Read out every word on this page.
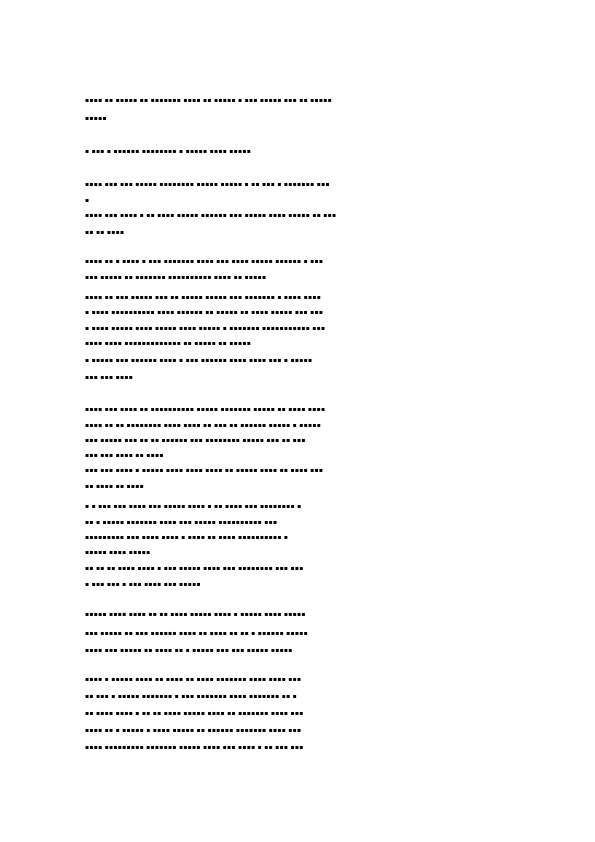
▪▪▪▪ ▪▪ ▪▪▪▪▪ ▪▪ ▪▪▪▪▪▪▪ ▪▪▪▪ ▪▪ ▪▪▪▪▪ ▪ ▪▪▪ ▪▪▪▪▪ ▪▪▪ ▪▪ ▪▪▪▪▪
▪▪▪▪▪
▪ ▪▪▪ ▪ ▪▪▪▪▪▪ ▪▪▪▪▪▪▪▪ ▪ ▪▪▪▪▪ ▪▪▪▪ ▪▪▪▪▪
▪▪▪▪ ▪▪▪ ▪▪▪ ▪▪▪▪▪ ▪▪▪▪▪▪▪▪ ▪▪▪▪▪ ▪▪▪▪▪ ▪ ▪▪ ▪▪▪ ▪ ▪▪▪▪▪▪▪ ▪▪▪
▪
▪▪▪▪ ▪▪▪ ▪▪▪▪ ▪ ▪▪ ▪▪▪▪ ▪▪▪▪▪ ▪▪▪▪▪▪ ▪▪▪ ▪▪▪▪▪ ▪▪▪▪ ▪▪▪▪▪ ▪▪ ▪▪▪
▪▪ ▪▪ ▪▪▪▪
▪▪▪▪ ▪▪ ▪ ▪▪▪▪ ▪ ▪▪▪ ▪▪▪▪▪▪▪ ▪▪▪▪ ▪▪▪ ▪▪▪▪ ▪▪▪▪▪ ▪▪▪▪▪▪ ▪ ▪▪▪
▪▪▪ ▪▪▪▪▪ ▪▪ ▪▪▪▪▪▪▪ ▪▪▪▪▪▪▪▪▪▪ ▪▪▪▪ ▪▪ ▪▪▪▪▪
▪▪▪▪ ▪▪ ▪▪▪ ▪▪▪▪▪ ▪▪▪ ▪▪ ▪▪▪▪▪ ▪▪▪▪▪ ▪▪▪ ▪▪▪▪▪▪▪ ▪ ▪▪▪▪ ▪▪▪▪
▪ ▪▪▪▪ ▪▪▪▪▪▪▪▪▪▪ ▪▪▪▪ ▪▪▪▪▪▪ ▪▪ ▪▪▪▪▪ ▪▪ ▪▪▪▪ ▪▪▪▪▪ ▪▪▪ ▪▪▪
▪ ▪▪▪▪ ▪▪▪▪▪ ▪▪▪▪ ▪▪▪▪▪ ▪▪▪▪ ▪▪▪▪▪ ▪ ▪▪▪▪▪▪▪ ▪▪▪▪▪▪▪▪▪▪▪ ▪▪▪
▪▪▪▪ ▪▪▪▪ ▪▪▪▪▪▪▪▪▪▪▪▪▪ ▪▪ ▪▪▪▪▪ ▪▪ ▪▪▪▪▪
▪ ▪▪▪▪▪ ▪▪▪ ▪▪▪▪▪▪ ▪▪▪▪ ▪ ▪▪▪ ▪▪▪▪▪▪ ▪▪▪▪ ▪▪▪▪ ▪▪▪ ▪ ▪▪▪▪▪
▪▪▪ ▪▪▪ ▪▪▪▪
▪▪▪▪ ▪▪▪ ▪▪▪▪ ▪▪ ▪▪▪▪▪▪▪▪▪▪ ▪▪▪▪▪ ▪▪▪▪▪▪▪ ▪▪▪▪▪ ▪▪ ▪▪▪▪ ▪▪▪▪
▪▪▪▪ ▪▪ ▪▪ ▪▪▪▪▪▪▪▪ ▪▪▪▪ ▪▪▪▪ ▪▪ ▪▪▪ ▪▪ ▪▪▪▪▪▪ ▪▪▪▪▪ ▪ ▪▪▪▪▪
▪▪▪ ▪▪▪▪▪ ▪▪▪ ▪▪ ▪▪ ▪▪▪▪▪▪ ▪▪▪ ▪▪▪▪▪▪▪▪ ▪▪▪▪▪ ▪▪▪ ▪▪ ▪▪▪
▪▪▪ ▪▪▪ ▪▪▪▪ ▪▪ ▪▪▪▪
▪▪▪ ▪▪▪ ▪▪▪▪ ▪ ▪▪▪▪▪ ▪▪▪▪ ▪▪▪▪ ▪▪▪▪ ▪▪ ▪▪▪▪▪ ▪▪▪▪ ▪▪ ▪▪▪▪ ▪▪▪
▪▪ ▪▪▪▪ ▪▪ ▪▪▪▪
▪ ▪ ▪▪▪ ▪▪▪ ▪▪▪▪ ▪▪▪ ▪▪▪▪▪ ▪▪▪▪ ▪ ▪▪ ▪▪▪▪ ▪▪▪ ▪▪▪▪▪▪▪▪ ▪
▪▪ ▪ ▪▪▪▪▪ ▪▪▪▪▪▪▪ ▪▪▪▪ ▪▪▪ ▪▪▪▪▪ ▪▪▪▪▪▪▪▪▪▪ ▪▪▪
▪▪▪▪▪▪▪▪▪ ▪▪▪ ▪▪▪▪ ▪▪▪▪ ▪ ▪▪▪▪ ▪▪ ▪▪▪▪ ▪▪▪▪▪▪▪▪▪▪ ▪
▪▪▪▪▪ ▪▪▪▪ ▪▪▪▪▪
▪▪ ▪▪ ▪▪ ▪▪▪▪ ▪▪▪▪ ▪ ▪▪▪ ▪▪▪▪▪ ▪▪▪▪ ▪▪▪ ▪▪▪▪▪▪▪▪ ▪▪▪ ▪▪▪
▪ ▪▪▪ ▪▪▪ ▪ ▪▪▪ ▪▪▪▪ ▪▪▪ ▪▪▪▪▪
▪▪▪▪▪ ▪▪▪▪ ▪▪▪▪ ▪▪ ▪▪ ▪▪▪▪ ▪▪▪▪▪ ▪▪▪▪ ▪ ▪▪▪▪▪ ▪▪▪▪ ▪▪▪▪▪
▪▪▪ ▪▪▪▪▪ ▪▪ ▪▪▪ ▪▪▪▪▪▪ ▪▪▪▪ ▪▪ ▪▪▪▪ ▪▪ ▪▪ ▪ ▪▪▪▪▪▪ ▪▪▪▪▪
▪▪▪▪ ▪▪▪ ▪▪▪▪▪ ▪▪ ▪▪▪▪ ▪▪ ▪ ▪▪▪▪▪ ▪▪▪ ▪▪▪ ▪▪▪▪▪ ▪▪▪▪▪
▪▪▪▪ ▪ ▪▪▪▪▪ ▪▪▪▪ ▪▪ ▪▪▪▪ ▪▪ ▪▪▪▪ ▪▪▪▪▪▪▪ ▪▪▪▪ ▪▪▪▪ ▪▪▪
▪▪ ▪▪▪ ▪ ▪▪▪▪▪ ▪▪▪▪▪▪▪ ▪ ▪▪▪ ▪▪▪▪▪▪▪ ▪▪▪▪ ▪▪▪▪▪▪▪ ▪▪ ▪
▪▪ ▪▪▪▪ ▪▪▪▪ ▪ ▪▪ ▪▪ ▪▪▪▪ ▪▪▪▪▪ ▪▪▪▪ ▪▪ ▪▪▪▪▪▪▪ ▪▪▪▪ ▪▪▪
▪▪▪▪ ▪▪ ▪ ▪▪▪▪▪ ▪ ▪▪▪▪ ▪▪▪▪▪ ▪▪ ▪▪▪▪▪▪ ▪▪▪▪▪▪▪ ▪▪▪▪ ▪▪▪
▪▪▪▪ ▪▪▪▪▪▪▪▪▪ ▪▪▪▪▪▪▪ ▪▪▪▪▪ ▪▪▪▪ ▪▪▪ ▪▪▪▪ ▪ ▪▪ ▪▪▪ ▪▪▪
